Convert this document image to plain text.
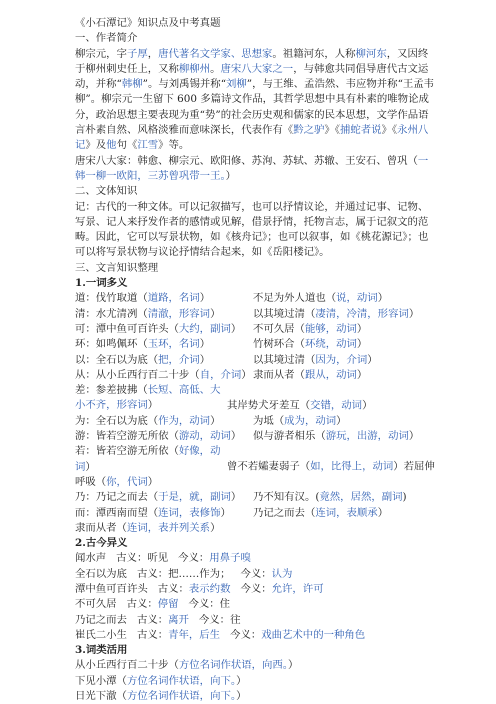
《小石潭记》知识点及中考真题
一、作者简介
柳宗元，字子厚，唐代著名文学家、思想家。祖籍河东，人称柳河东，又因终于柳州刺史任上，又称柳柳州。唐宋八大家之一，与韩愈共同倡导唐代古文运动，并称“韩柳”。与刘禹锡并称“刘柳”，与王维、孟浩然、韦应物并称“王孟韦柳”。柳宗元一生留下 600 多篇诗文作品，其哲学思想中具有朴素的唯物论成分，政治思想主要表现为重“势”的社会历史观和儒家的民本思想，文学作品语言朴素自然、风格淡雅而意味深长，代表作有《黔之驴》《捕蛇者说》《永州八记》及他句《江雪》等。
唐宋八大家：韩愈、柳宗元、欧阳修、苏洵、苏轼、苏辙、王安石、曾巩（一韩一柳一欧阳，三苏曾巩带一王。）
二、文体知识
记：古代的一种文体。可以记叙描写，也可以抒情议论，并通过记事、记物、写景、记人来抒发作者的感情或见解，借景抒情，托物言志，属于记叙文的范畴。因此，它可以写景状物，如《核舟记》；也可以叙事，如《桃花源记》；也可以将写景状物与议论抒情结合起来，如《岳阳楼记》。
三、文言知识整理
1.一词多义
道：伐竹取道（道路，名词）	不足为外人道也（说，动词）
清：水尤清冽（清澈，形容词）	以其境过清（凄清，冷清，形容词）
可：潭中鱼可百许头（大约，副词） 不可久居（能够，动词）
环：如鸣佩环（玉环，名词）	竹树环合（环绕，动词）
以：全石以为底（把，介词）	以其境过清（因为，介词）
从：从小丘西行百二十步（自，介词）隶而从者（跟从，动词）
差：参差披拂（长短、高低、大小不齐，形容词）	其岸势犬牙差互（交错，动词）
为：全石以为底（作为，动词）	为坻（成为，动词）
游：皆若空游无所依（游动，动词） 似与游者相乐（游玩，出游，动词）
若：皆若空游无所依（好像，动词）	曾不若孀妻弱子（如，比得上，动词）若屈伸呼吸（你，代词）
乃：乃记之而去（于是，就，副词） 乃不知有汉。(竟然，居然，副词)
而：潭西南而望（连词，表修饰） 乃记之而去（连词，表顺承）
隶而从者（连词，表并列关系）
2.古今异义
闻水声 古义：听见 今义：用鼻子嗅
全石以为底 古义：把……作为； 今义：认为
潭中鱼可百许头 古义：表示约数 今义：允许，许可
不可久居 古义：停留 今义：住
乃记之而去 古义：离开 今义：往
崔氏二小生 古义：青年，后生 今义：戏曲艺术中的一种角色
3.词类活用
从小丘西行百二十步（方位名词作状语，向西。）
下见小潭（方位名词作状语，向下。）
日光下澈（方位名词作状语，向下。）
